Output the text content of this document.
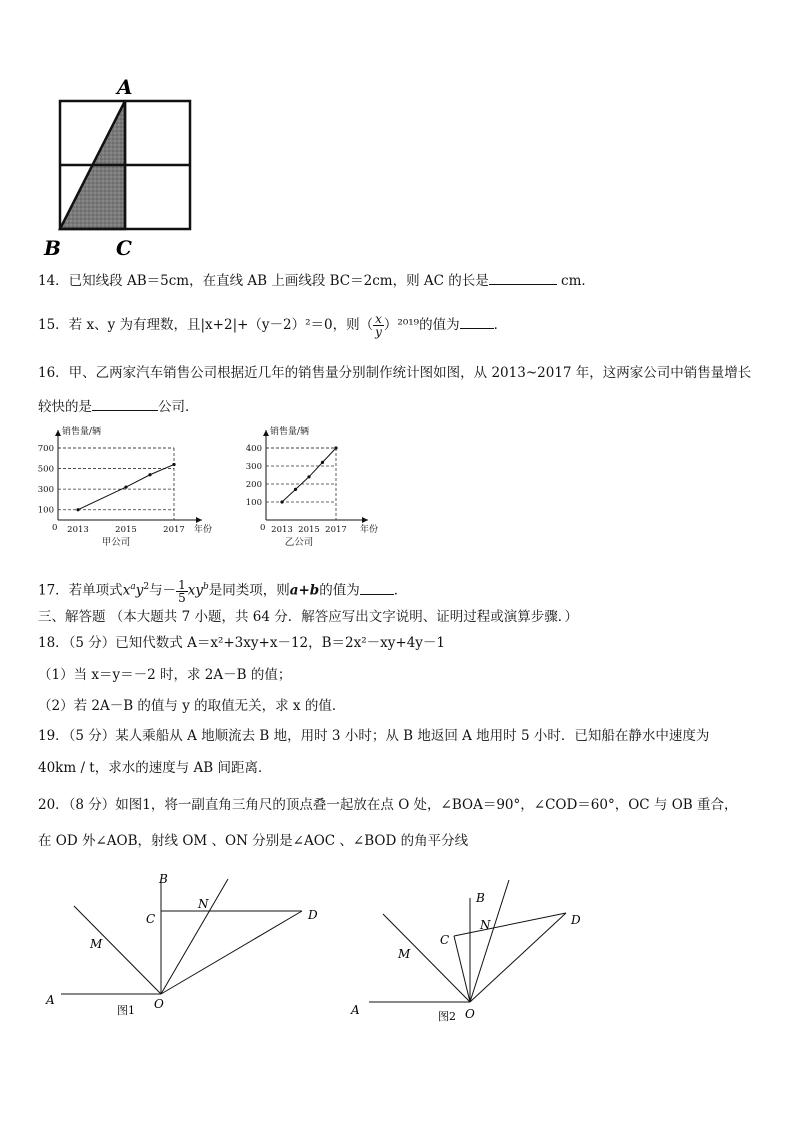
A
B	C
14．已知线段 AB＝5cm，在直线 AB 上画线段 BC＝2cm，则 AC 的长是	cm．
15．若 x、y 为有理数，且|x+2|+（y－2）²＝0，则（ $\frac{x}{y} )^{2019}$的值为	．
16．甲、乙两家汽车销售公司根据近几年的销售量分别制作统计图如图，从 2013~2017 年，这两家公司中销售量增长
较快的是	公司．
100
300
500
700
0 2013	2015	2017
销售量/辆
年份
甲公司
100
200
300
400
0 2013 2015 2017
销售量/辆
年份
乙公司
17．若单项式$x^ay^2$与－ $\frac{1}{5} xy^b$是同类项，则a+b的值为	．
三、解答题 （本大题共 7 小题，共 64 分．解答应写出文字说明、证明过程或演算步骤．）
18．（5 分）已知代数式 A＝x²+3xy+x－12，B＝2x²－xy+4y－1
（1）当 x＝y＝－2 时，求 2A－B 的值；
（2）若 2A－B 的值与 y 的取值无关，求 x 的值．
19．（5 分）某人乘船从 A 地顺流去 B 地，用时 3 小时；从 B 地返回 A 地用时 5 小时．已知船在静水中速度为
40km / t，求水的速度与 AB 间距离．
20．（8 分）如图1，将一副直角三角尺的顶点叠一起放在点 O 处，∠BOA＝90°，∠COD＝60°，OC 与 OB 重合，
在 OD 外∠AOB，射线 OM 、ON 分别是∠AOC 、∠BOD 的角平分线
B
C
N
D
M
A	O
图1
B
N
C
D
M
A	O
图2
